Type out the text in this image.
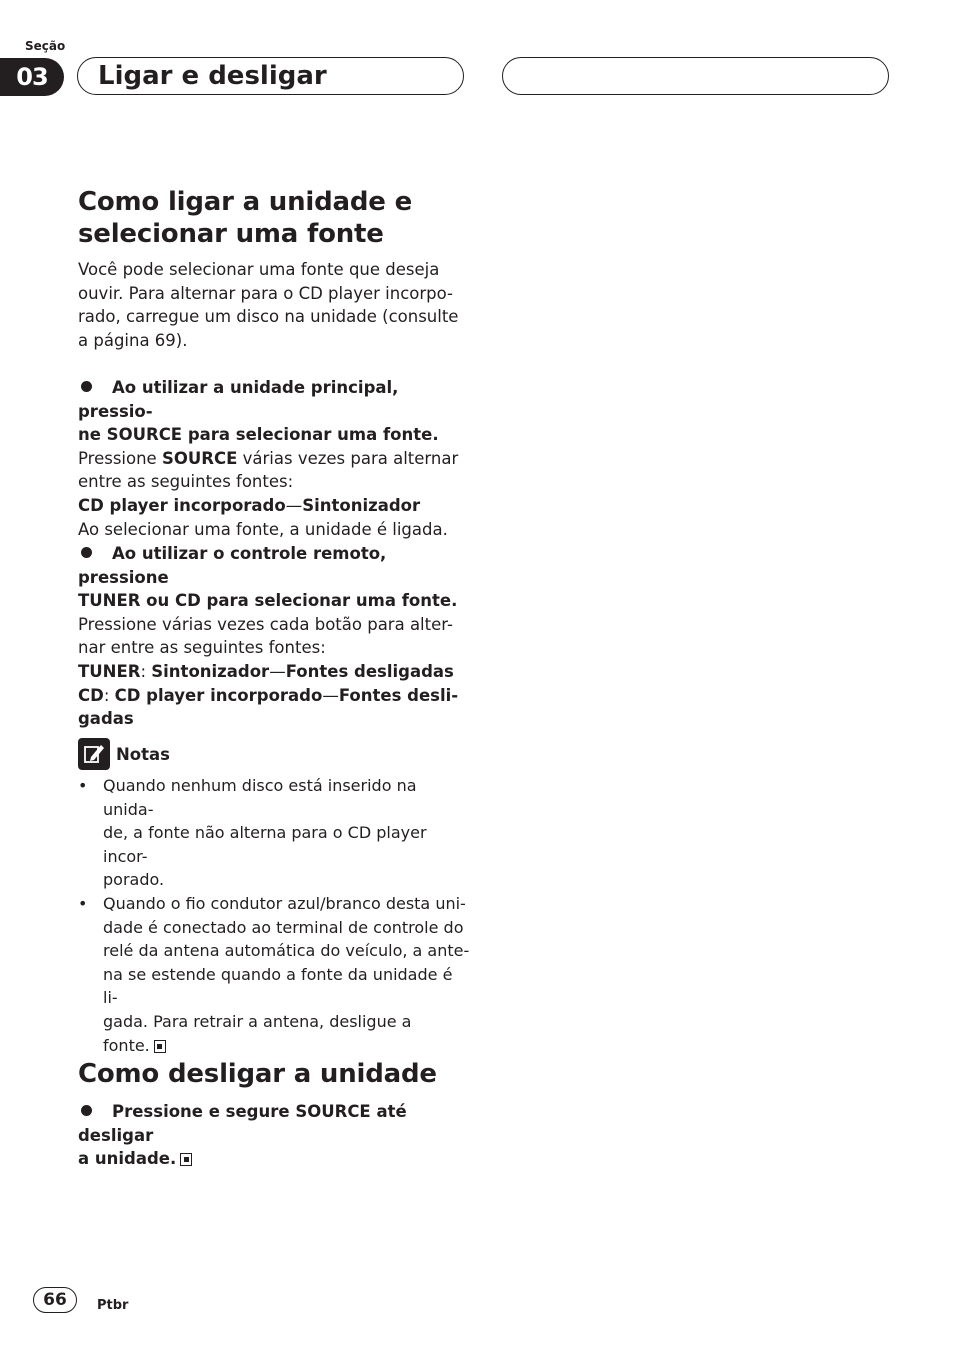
Seção
03	Ligar e desligar
Como ligar a unidade e
selecionar uma fonte

Você pode selecionar uma fonte que deseja
ouvir. Para alternar para o CD player incorpo-
rado, carregue um disco na unidade (consulte
a página 69).

Ao utilizar a unidade principal, pressio-
ne SOURCE para selecionar uma fonte.

Pressione SOURCE várias vezes para alternar
entre as seguintes fontes:
CD player incorporado—Sintonizador
Ao selecionar uma fonte, a unidade é ligada.

Ao utilizar o controle remoto, pressione
TUNER ou CD para selecionar uma fonte.

Pressione várias vezes cada botão para alter-
nar entre as seguintes fontes:
TUNER: Sintonizador—Fontes desligadas
CD: CD player incorporado—Fontes desli-
gadas

Notas
• Quando nenhum disco está inserido na unida-
de, a fonte não alterna para o CD player incor-
porado.
• Quando o fio condutor azul/branco desta uni-
dade é conectado ao terminal de controle do
relé da antena automática do veículo, a ante-
na se estende quando a fonte da unidade é li-
gada. Para retrair a antena, desligue a
fonte.
Como desligar a unidade

Pressione e segure SOURCE até desligar
a unidade.

66	Ptbr
